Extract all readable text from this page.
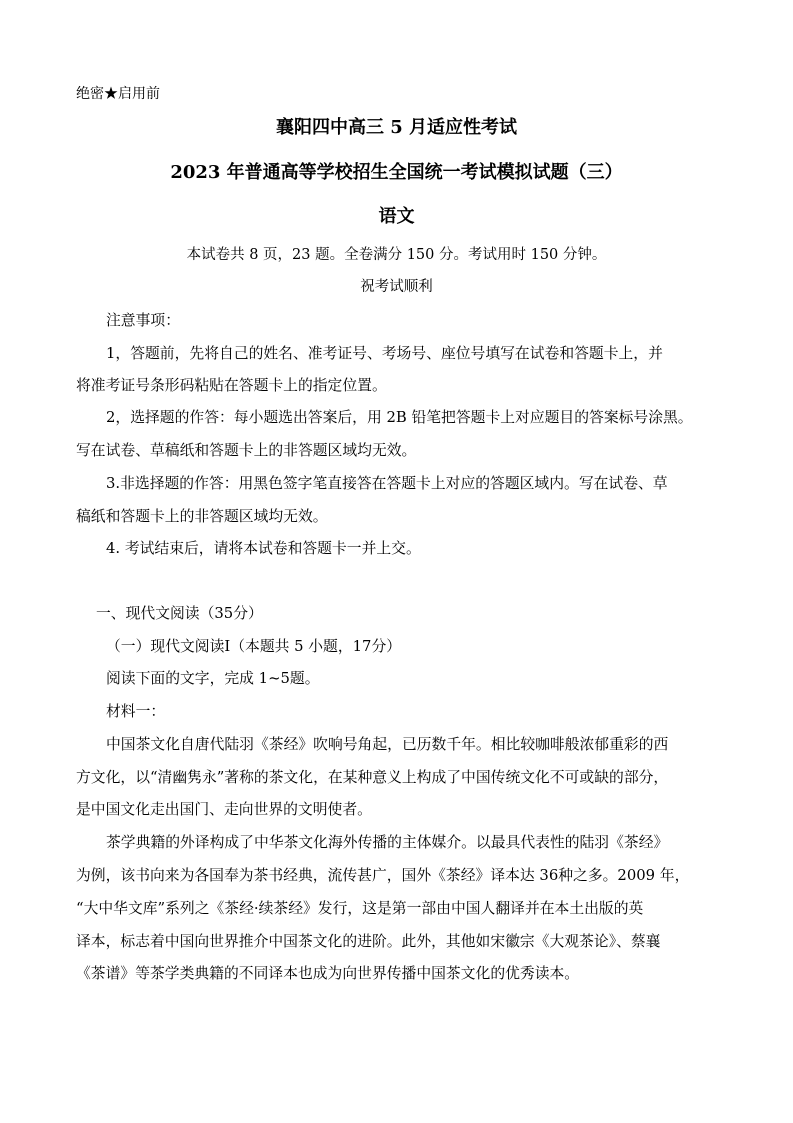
绝密★启用前
襄阳四中高三 5 月适应性考试
2023 年普通高等学校招生全国统一考试模拟试题（三）
语文
本试卷共 8 页，23 题。全卷满分 150 分。考试用时 150 分钟。
祝考试顺利
注意事项：
1，答题前，先将自己的姓名、准考证号、考场号、座位号填写在试卷和答题卡上，并
将准考证号条形码粘贴在答题卡上的指定位置。
2，选择题的作答：每小题选出答案后，用 2B 铅笔把答题卡上对应题目的答案标号涂黑。
写在试卷、草稿纸和答题卡上的非答题区域均无效。
3.非选择题的作答：用黑色签字笔直接答在答题卡上对应的答题区域内。写在试卷、草
稿纸和答题卡上的非答题区域均无效。
4. 考试结束后，请将本试卷和答题卡一并上交。
一、现代文阅读（35分）
（一）现代文阅读Ⅰ（本题共 5 小题，17分）
阅读下面的文字，完成 1~5题。
材料一：
中国茶文化自唐代陆羽《茶经》吹响号角起，已历数千年。相比较咖啡般浓郁重彩的西
方文化，以“清幽隽永”著称的茶文化，在某种意义上构成了中国传统文化不可或缺的部分，
是中国文化走出国门、走向世界的文明使者。
茶学典籍的外译构成了中华茶文化海外传播的主体媒介。以最具代表性的陆羽《茶经》
为例，该书向来为各国奉为茶书经典，流传甚广，国外《茶经》译本达 36种之多。2009 年，
“大中华文库”系列之《茶经·续茶经》发行，这是第一部由中国人翻译并在本土出版的英
译本，标志着中国向世界推介中国茶文化的进阶。此外，其他如宋徽宗《大观茶论》、蔡襄
《茶谱》等茶学类典籍的不同译本也成为向世界传播中国茶文化的优秀读本。
